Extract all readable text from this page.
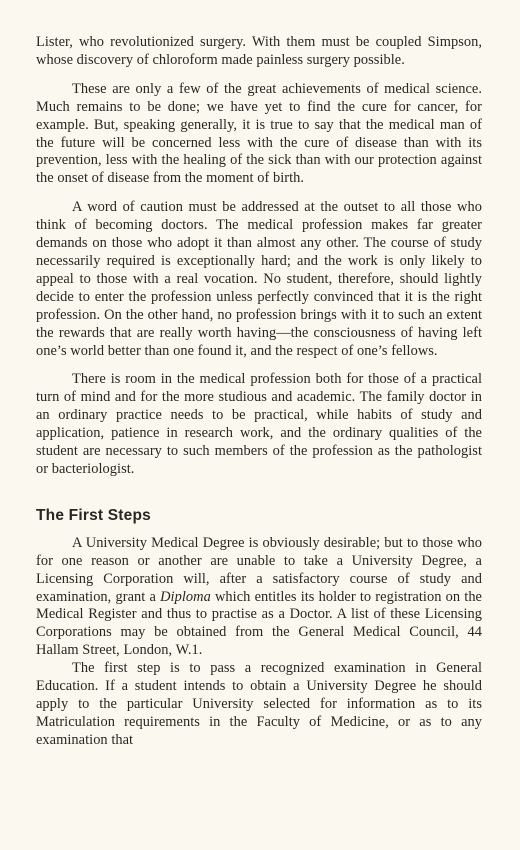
Lister, who revolutionized surgery. With them must be coupled Simpson, whose discovery of chloroform made painless surgery possible.

These are only a few of the great achievements of medical science. Much remains to be done; we have yet to find the cure for cancer, for example. But, speaking generally, it is true to say that the medical man of the future will be concerned less with the cure of disease than with its prevention, less with the healing of the sick than with our protection against the onset of disease from the moment of birth.

A word of caution must be addressed at the outset to all those who think of becoming doctors. The medical profession makes far greater demands on those who adopt it than almost any other. The course of study necessarily required is exceptionally hard; and the work is only likely to appeal to those with a real vocation. No student, therefore, should lightly decide to enter the profession unless perfectly convinced that it is the right profession. On the other hand, no profession brings with it to such an extent the rewards that are really worth having—the consciousness of having left one’s world better than one found it, and the respect of one’s fellows.

There is room in the medical profession both for those of a practical turn of mind and for the more studious and academic. The family doctor in an ordinary practice needs to be practical, while habits of study and application, patience in research work, and the ordinary qualities of the student are necessary to such members of the profession as the pathologist or bacteriologist.

The First Steps

A University Medical Degree is obviously desirable; but to those who for one reason or another are unable to take a University Degree, a Licensing Corporation will, after a satisfactory course of study and examination, grant a Diploma which entitles its holder to registration on the Medical Register and thus to practise as a Doctor. A list of these Licensing Corporations may be obtained from the General Medical Council, 44 Hallam Street, London, W.1.

The first step is to pass a recognized examination in General Education. If a student intends to obtain a University Degree he should apply to the particular University selected for information as to its Matriculation requirements in the Faculty of Medicine, or as to any examination that
